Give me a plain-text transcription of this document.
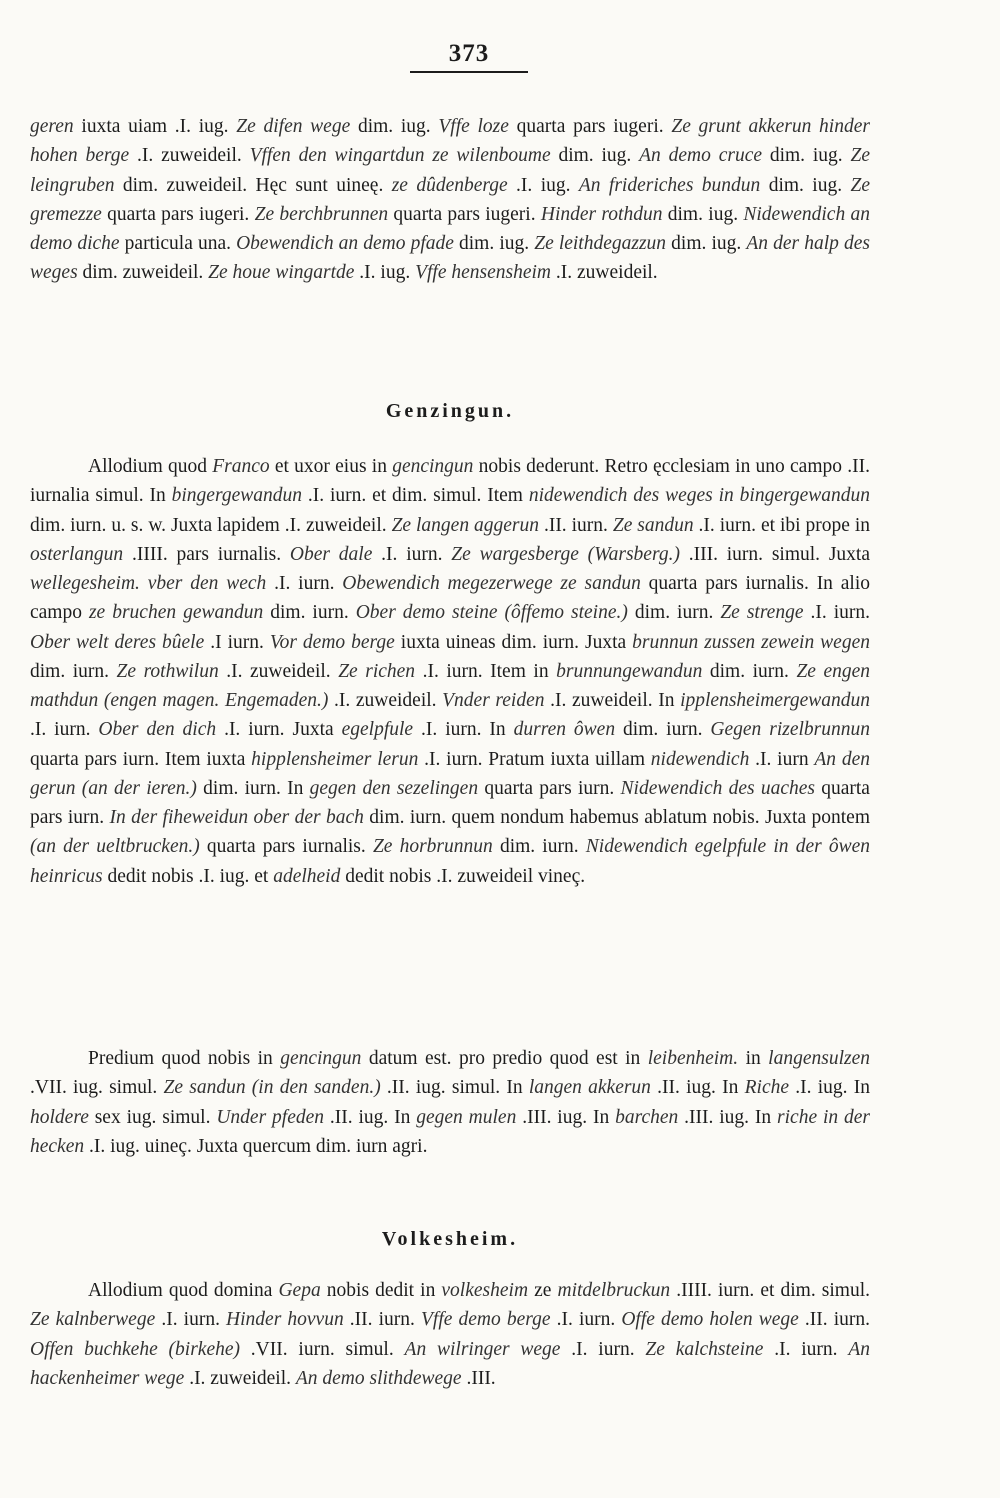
373
geren iuxta uiam .I. iug. Ze difen wege dim. iug. Vffe loze quarta pars iugeri. Ze grunt akkerun hinder hohen berge .I. zuweideil. Vffen den wingartdun ze wilenboume dim. iug. An demo cruce dim. iug. Ze leingruben dim. zuweideil. Hęc sunt uineę. ze dûdenberge .I. iug. An frideriches bundun dim. iug. Ze gremezze quarta pars iugeri. Ze berchbrunnen quarta pars iugeri. Hinder rothdun dim. iug. Nidewendich an demo diche particula una. Obewendich an demo pfade dim. iug. Ze leithdegazzun dim. iug. An der halp des weges dim. zuweideil. Ze houe wingartde .I. iug. Vffe hensensheim .I. zuweideil.
Genzingun.
Allodium quod Franco et uxor eius in gencingun nobis dederunt. Retro ęcclesiam in uno campo .II. iurnalia simul. In bingergewandun .I. iurn. et dim. simul. Item nidewendich des weges in bingergewandun dim. iurn. u. s. w. Juxta lapidem .I. zuweideil. Ze langen aggerun .II. iurn. Ze sandun .I. iurn. et ibi prope in osterlangun .IIII. pars iurnalis. Ober dale .I. iurn. Ze wargesberge (Warsberg.) .III. iurn. simul. Juxta wellegesheim. vber den wech .I. iurn. Obewendich megezerwege ze sandun quarta pars iurnalis. In alio campo ze bruchen gewandun dim. iurn. Ober demo steine (ôffemo steine.) dim. iurn. Ze strenge .I. iurn. Ober welt deres bûele .I iurn. Vor demo berge iuxta uineas dim. iurn. Juxta brunnun zussen zewein wegen dim. iurn. Ze rothwilun .I. zuweideil. Ze richen .I. iurn. Item in brunnungewandun dim. iurn. Ze engen mathdun (engen magen. Engemaden.) .I. zuweideil. Vnder reiden .I. zuweideil. In ipplensheimergewandun .I. iurn. Ober den dich .I. iurn. Juxta egelpfule .I. iurn. In durren ôwen dim. iurn. Gegen rizelbrunnun quarta pars iurn. Item iuxta hipplensheimer lerun .I. iurn. Pratum iuxta uillam nidewendich .I. iurn An den gerun (an der ieren.) dim. iurn. In gegen den sezelingen quarta pars iurn. Nidewendich des uaches quarta pars iurn. In der fiheweidun ober der bach dim. iurn. quem nondum habemus ablatum nobis. Juxta pontem (an der ueltbrucken.) quarta pars iurnalis. Ze horbrunnun dim. iurn. Nidewendich egelpfule in der ôwen heinricus dedit nobis .I. iug. et adelheid dedit nobis .I. zuweideil vineç.
Predium quod nobis in gencingun datum est. pro predio quod est in leibenheim. in langensulzen .VII. iug. simul. Ze sandun (in den sanden.) .II. iug. simul. In langen akkerun .II. iug. In Riche .I. iug. In holdere sex iug. simul. Under pfeden .II. iug. In gegen mulen .III. iug. In barchen .III. iug. In riche in der hecken .I. iug. uineç. Juxta quercum dim. iurn agri.
Volkesheim.
Allodium quod domina Gepa nobis dedit in volkesheim ze mitdelbruckun .IIII. iurn. et dim. simul. Ze kalnberwege .I. iurn. Hinder hovvun .II. iurn. Vffe demo berge .I. iurn. Offe demo holen wege .II. iurn. Offen buchkehe (birkehe) .VII. iurn. simul. An wilringer wege .I. iurn. Ze kalchsteine .I. iurn. An hackenheimer wege .I. zuweideil. An demo slithdewege .III.
